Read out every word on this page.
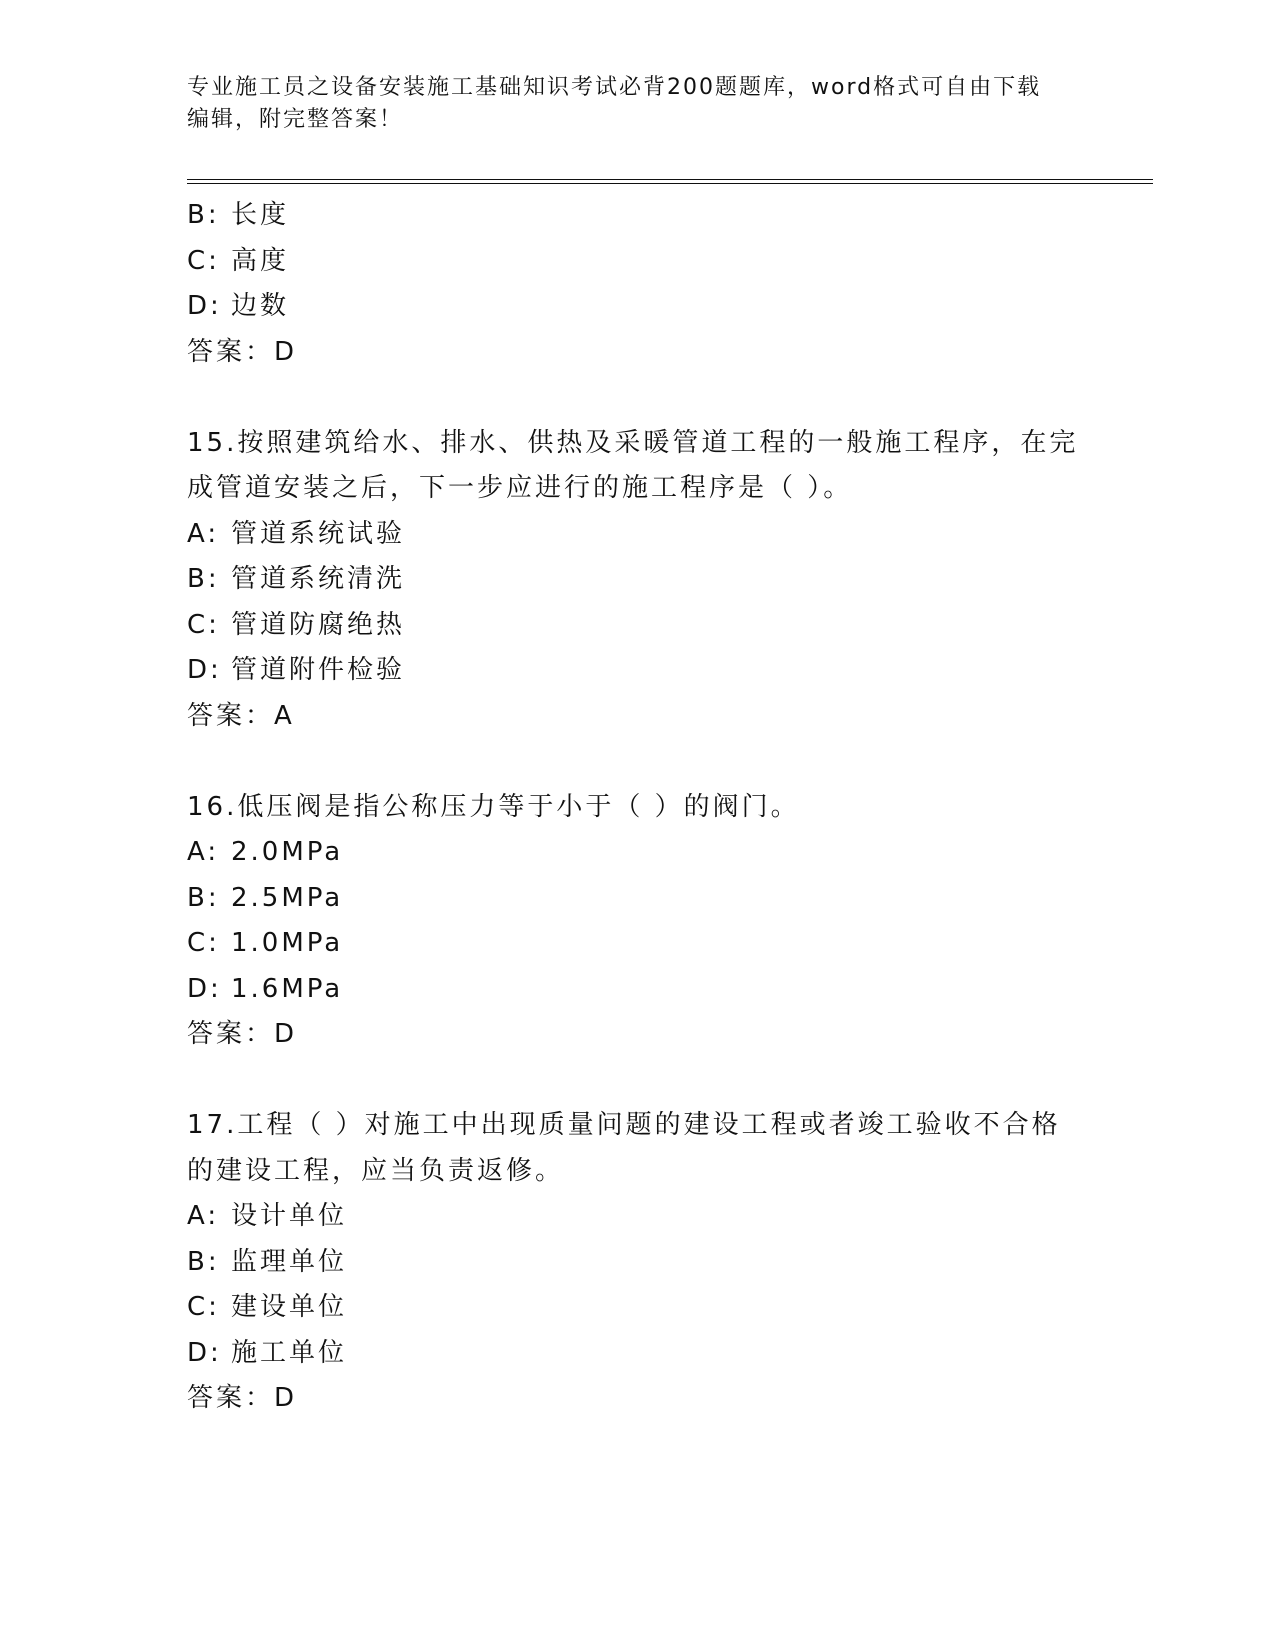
专业施工员之设备安装施工基础知识考试必背200题题库，word格式可自由下载
编辑，附完整答案！
B: 长度
C: 高度
D: 边数
答案：D
15.按照建筑给水、排水、供热及采暖管道工程的一般施工程序，在完
成管道安装之后，下一步应进行的施工程序是（ ）。
A: 管道系统试验
B: 管道系统清洗
C: 管道防腐绝热
D: 管道附件检验
答案：A
16.低压阀是指公称压力等于小于（ ）的阀门。
A: 2.0MPa
B: 2.5MPa
C: 1.0MPa
D: 1.6MPa
答案：D
17.工程（ ）对施工中出现质量问题的建设工程或者竣工验收不合格
的建设工程，应当负责返修。
A: 设计单位
B: 监理单位
C: 建设单位
D: 施工单位
答案：D
